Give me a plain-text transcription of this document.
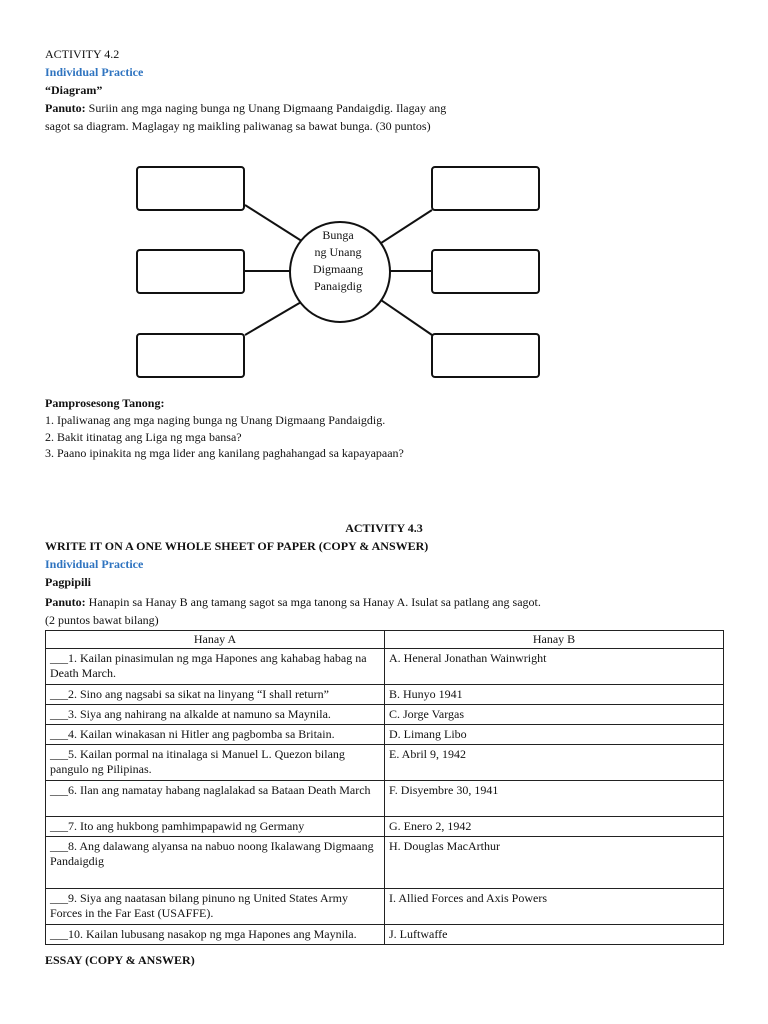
ACTIVITY 4.2
Individual Practice
“Diagram”
Panuto: Suriin ang mga naging bunga ng Unang Digmaang Pandaigdig. Ilagay ang
sagot sa diagram. Maglagay ng maikling paliwanag sa bawat bunga. (30 puntos)
Bunga
ng Unang
Digmaang
Panaigdig
Pamprosesong Tanong:
1. Ipaliwanag ang mga naging bunga ng Unang Digmaang Pandaigdig.
2. Bakit itinatag ang Liga ng mga bansa?
3. Paano ipinakita ng mga lider ang kanilang paghahangad sa kapayapaan?
ACTIVITY 4.3
WRITE IT ON A ONE WHOLE SHEET OF PAPER (COPY & ANSWER)
Individual Practice
Pagpipili
Panuto: Hanapin sa Hanay B ang tamang sagot sa mga tanong sa Hanay A. Isulat sa patlang ang sagot.
(2 puntos bawat bilang)
Hanay A	Hanay B
___1. Kailan pinasimulan ng mga Hapones ang kahabag habag na Death March.	A. Heneral Jonathan Wainwright
___2. Sino ang nagsabi sa sikat na linyang “I shall return”	B. Hunyo 1941
___3. Siya ang nahirang na alkalde at namuno sa Maynila.	C. Jorge Vargas
___4. Kailan winakasan ni Hitler ang pagbomba sa Britain.	D. Limang Libo
___5. Kailan pormal na itinalaga si Manuel L. Quezon bilang pangulo ng Pilipinas.	E. Abril 9, 1942
___6. Ilan ang namatay habang naglalakad sa Bataan Death March	F. Disyembre 30, 1941
___7. Ito ang hukbong pamhimpapawid ng Germany	G. Enero 2, 1942
___8. Ang dalawang alyansa na nabuo noong Ikalawang Digmaang Pandaigdig	H. Douglas MacArthur
___9. Siya ang naatasan bilang pinuno ng United States Army Forces in the Far East (USAFFE).	I. Allied Forces and Axis Powers
___10. Kailan lubusang nasakop ng mga Hapones ang Maynila.	J. Luftwaffe
ESSAY (COPY & ANSWER)
